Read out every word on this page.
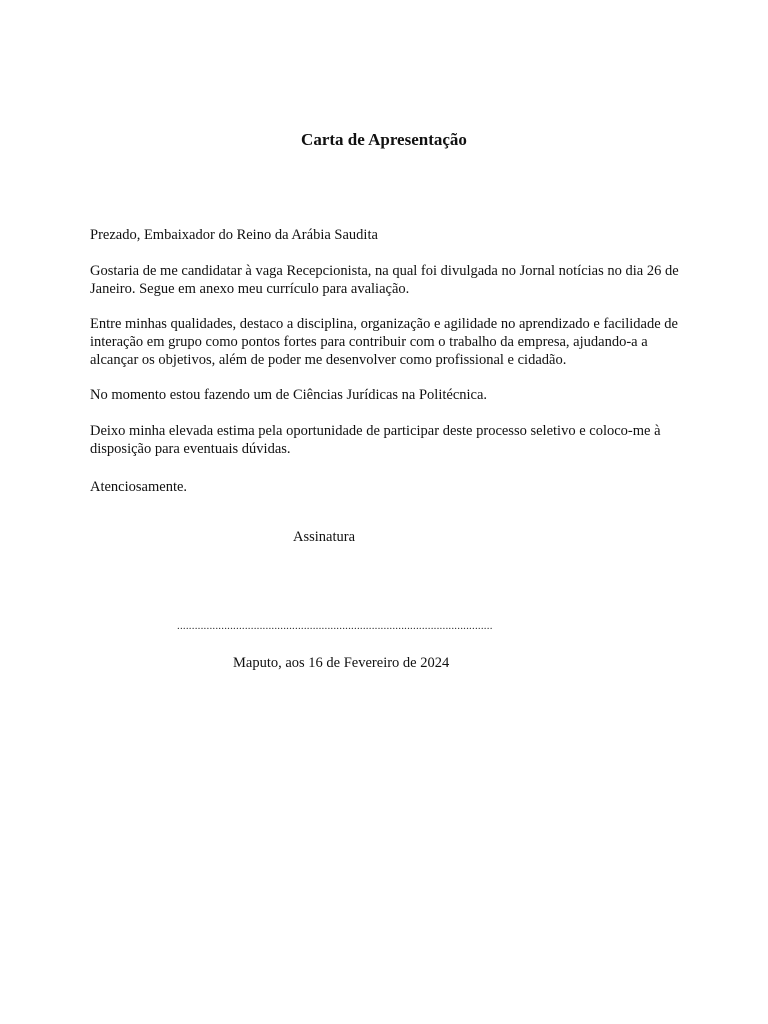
Carta de Apresentação

Prezado, Embaixador do Reino da Arábia Saudita

Gostaria de me candidatar à vaga Recepcionista, na qual foi divulgada no Jornal notícias no dia 26 de Janeiro. Segue em anexo meu currículo para avaliação.

Entre minhas qualidades, destaco a disciplina, organização e agilidade no aprendizado e facilidade de interação em grupo como pontos fortes para contribuir com o trabalho da empresa, ajudando-a a alcançar os objetivos, além de poder me desenvolver como profissional e cidadão.

No momento estou fazendo um de Ciências Jurídicas na Politécnica.

Deixo minha elevada estima pela oportunidade de participar deste processo seletivo e coloco-me à disposição para eventuais dúvidas.

Atenciosamente.

Assinatura

...........................................................................................................

Maputo, aos 16 de Fevereiro de 2024
